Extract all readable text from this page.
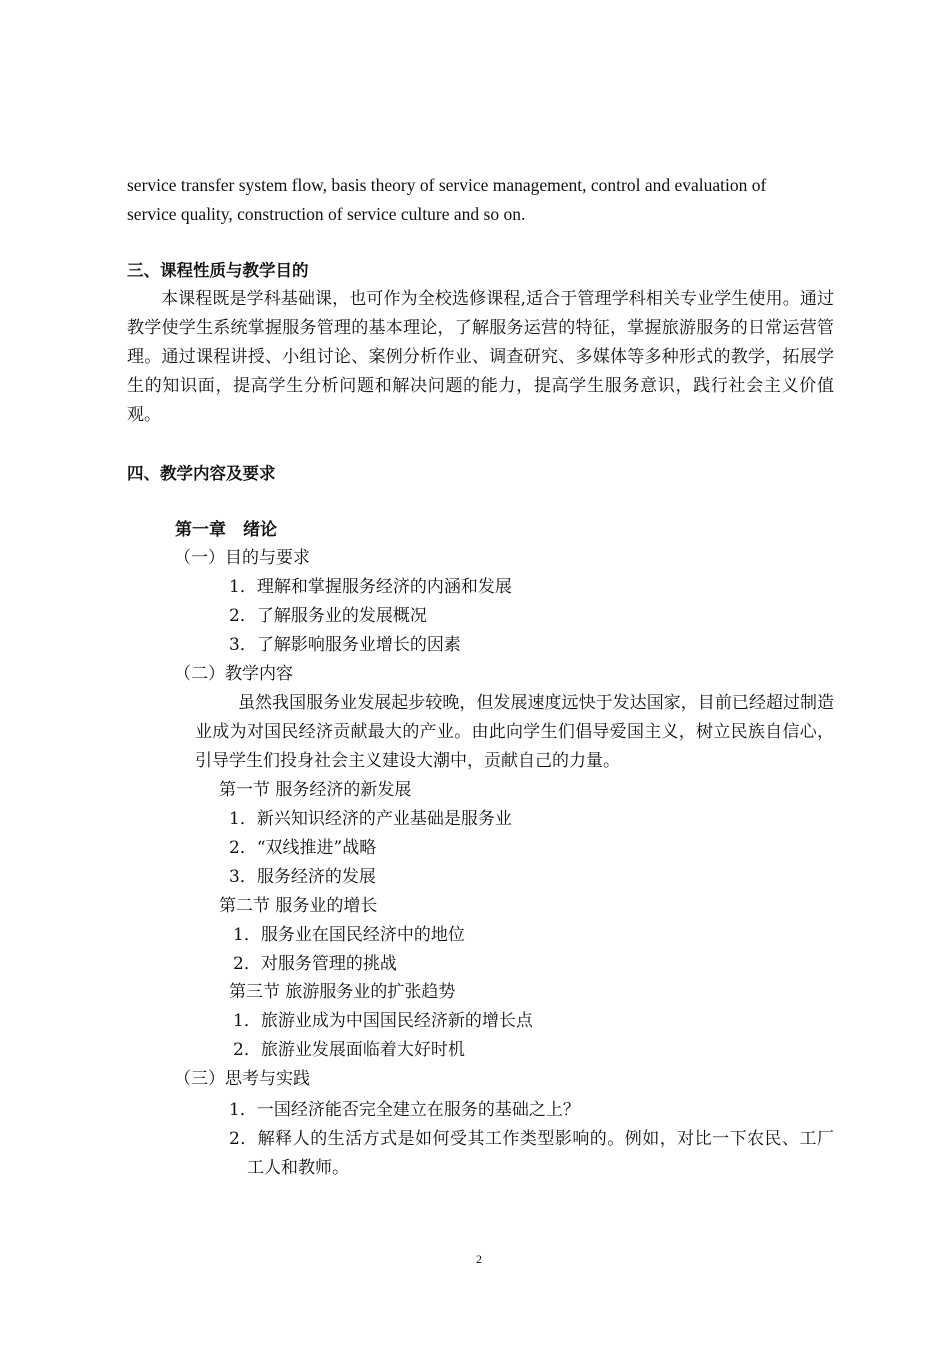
service transfer system flow, basis theory of service management, control and evaluation of
service quality, construction of service culture and so on.
三、课程性质与教学目的
本课程既是学科基础课，也可作为全校选修课程,适合于管理学科相关专业学生使用。通过教学使学生系统掌握服务管理的基本理论，了解服务运营的特征，掌握旅游服务的日常运营管理。通过课程讲授、小组讨论、案例分析作业、调查研究、多媒体等多种形式的教学，拓展学生的知识面，提高学生分析问题和解决问题的能力，提高学生服务意识，践行社会主义价值观。
四、教学内容及要求
第一章　绪论
（一）目的与要求
1．理解和掌握服务经济的内涵和发展
2．了解服务业的发展概况
3．了解影响服务业增长的因素
（二）教学内容
虽然我国服务业发展起步较晚，但发展速度远快于发达国家，目前已经超过制造业成为对国民经济贡献最大的产业。由此向学生们倡导爱国主义，树立民族自信心，引导学生们投身社会主义建设大潮中，贡献自己的力量。
第一节 服务经济的新发展
1．新兴知识经济的产业基础是服务业
2．“双线推进”战略
3．服务经济的发展
第二节 服务业的增长
1．服务业在国民经济中的地位
2．对服务管理的挑战
第三节 旅游服务业的扩张趋势
1．旅游业成为中国国民经济新的增长点
2．旅游业发展面临着大好时机
（三）思考与实践
1．一国经济能否完全建立在服务的基础之上？
2．解释人的生活方式是如何受其工作类型影响的。例如，对比一下农民、工厂工人和教师。
2
